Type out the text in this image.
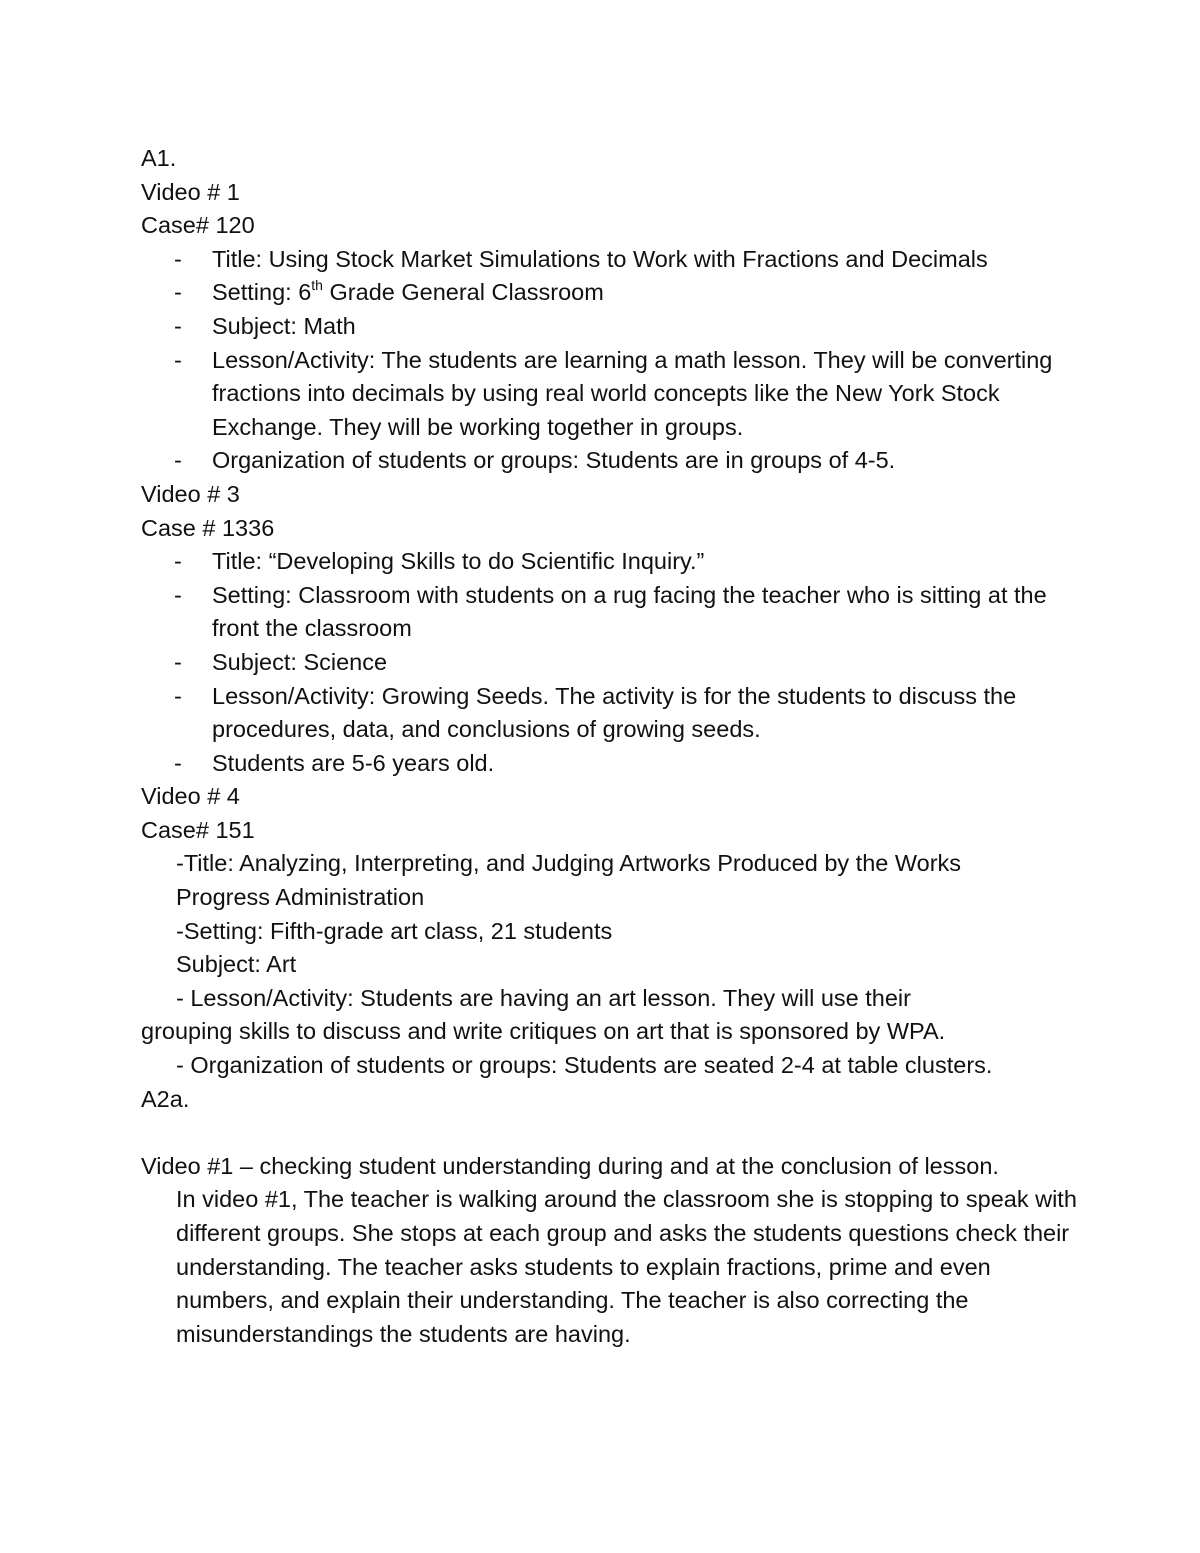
A1.

Video # 1

Case# 120

- Title: Using Stock Market Simulations to Work with Fractions and Decimals
- Setting: 6th Grade General Classroom
- Subject: Math
- Lesson/Activity: The students are learning a math lesson. They will be converting fractions into decimals by using real world concepts like the New York Stock Exchange. They will be working together in groups.
- Organization of students or groups: Students are in groups of 4-5.

Video # 3

Case # 1336

- Title: “Developing Skills to do Scientific Inquiry.”
- Setting: Classroom with students on a rug facing the teacher who is sitting at the front the classroom
- Subject: Science
- Lesson/Activity: Growing Seeds. The activity is for the students to discuss the procedures, data, and conclusions of growing seeds.
- Students are 5-6 years old.

Video # 4

Case# 151

-Title: Analyzing, Interpreting, and Judging Artworks Produced by the Works

Progress Administration

-Setting: Fifth-grade art class, 21 students

Subject: Art

- Lesson/Activity: Students are having an art lesson. They will use their

grouping skills to discuss and write critiques on art that is sponsored by WPA.

- Organization of students or groups: Students are seated 2-4 at table clusters.

A2a.

Video #1 – checking student understanding during and at the conclusion of lesson.

In video #1, The teacher is walking around the classroom she is stopping to speak with different groups. She stops at each group and asks the students questions check their understanding. The teacher asks students to explain fractions, prime and even numbers, and explain their understanding. The teacher is also correcting the misunderstandings the students are having.
